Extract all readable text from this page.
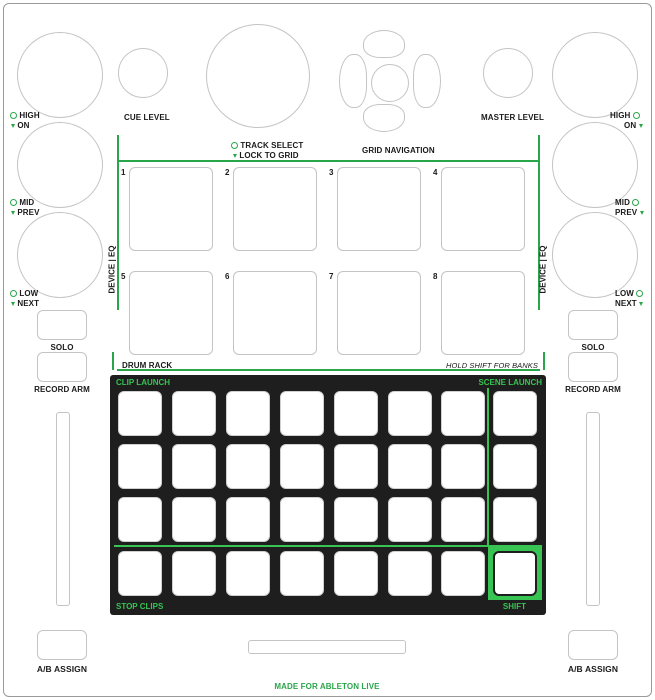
CUE LEVEL	MASTER LEVEL
TRACK SELECT
LOCK TO GRID
GRID NAVIGATION
HIGH
ON
MID
PREV
LOW
NEXT
HIGH
ON
MID
PREV
LOW
NEXT
DEVICE | EQ	DEVICE | EQ
1	2	3	4
5	6	7	8
DRUM RACK	HOLD SHIFT FOR BANKS
SOLO
RECORD ARM
SOLO
RECORD ARM
CLIP LAUNCH	SCENE LAUNCH
STOP CLIPS	SHIFT
A/B ASSIGN	A/B ASSIGN
MADE FOR ABLETON LIVE
